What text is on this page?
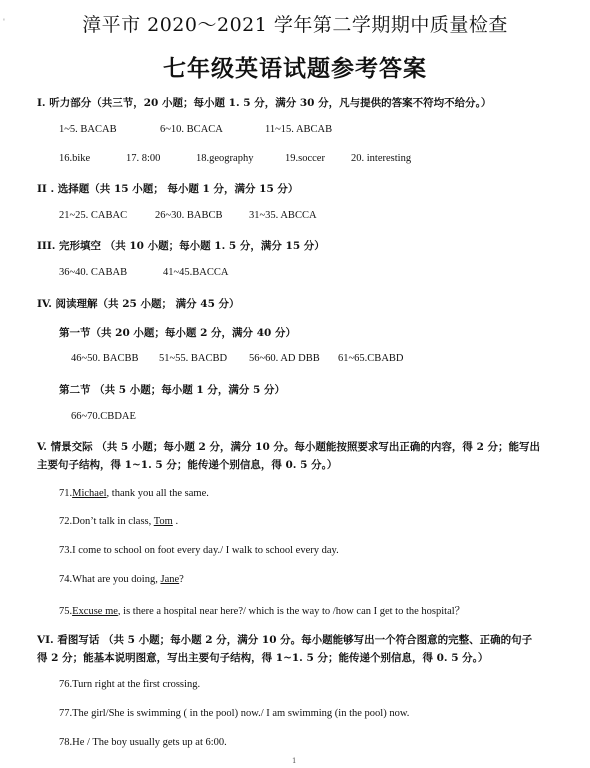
'	漳平市 2020～2021 学年第二学期期中质量检查
七年级英语试题参考答案
I. 听力部分（共三节，20 小题；每小题 1. 5 分，满分 30 分，凡与提供的答案不符均不给分。）
1~5. BACAB	6~10. BCACA	11~15. ABCAB
16.bike	17. 8:00	18.geography	19.soccer 20. interesting
II . 选择题（共 15 小题； 每小题 1 分，满分 15 分）
21~25. CABAC	26~30. BABCB	31~35. ABCCA
III. 完形填空 （共 10 小题；每小题 1. 5 分，满分 15 分）
36~40. CABAB	41~45.BACCA
IV. 阅读理解（共 25 小题； 满分 45 分）
第一节（共 20 小题；每小题 2 分，满分 40 分）
46~50. BACBB 51~55. BACBD 56~60. AD DBB 61~65.CBABD
第二节 （共 5 小题；每小题 1 分，满分 5 分）
66~70.CBDAE
V. 情景交际 （共 5 小题；每小题 2 分，满分 10 分。每小题能按照要求写出正确的内容，得 2 分；能写出
主要句子结构，得 1~1. 5 分；能传递个别信息，得 0. 5 分。）
71.Michael, thank you all the same.
72.Don’t talk in class, Tom .
73.I come to school on foot every day./ I walk to school every day.
74.What are you doing, Jane?
75.Excuse me, is there a hospital near here?/ which is the way to /how can I get to the hospital？
VI. 看图写话 （共 5 小题；每小题 2 分，满分 10 分。每小题能够写出一个符合图意的完整、正确的句子
得 2 分；能基本说明图意，写出主要句子结构，得 1~1. 5 分；能传递个别信息，得 0. 5 分。）
76.Turn right at the first crossing.
77.The girl/She is swimming ( in the pool) now./ I am swimming (in the pool) now.
78.He / The boy usually gets up at 6:00.
1
